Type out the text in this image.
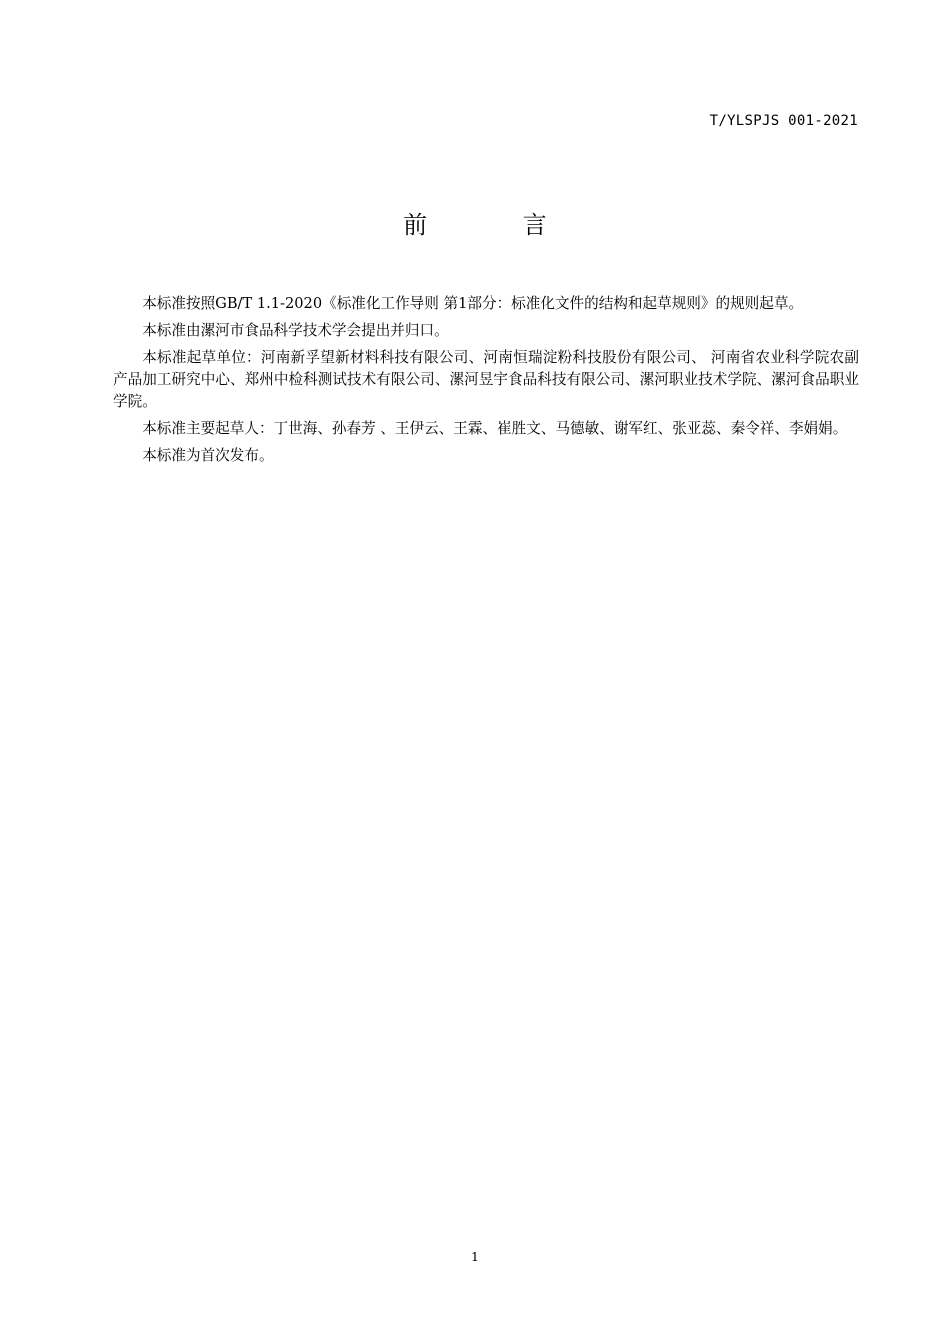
T/YLSPJS 001-2021
前 言

本标准按照GB/T 1.1-2020《标准化工作导则 第1部分：标准化文件的结构和起草规则》的规则起草。

本标准由漯河市食品科学技术学会提出并归口。

本标准起草单位：河南新孚望新材料科技有限公司、河南恒瑞淀粉科技股份有限公司、 河南省农业科学院农副产品加工研究中心、郑州中检科测试技术有限公司、漯河昱宇食品科技有限公司、漯河职业技术学院、漯河食品职业学院。

本标准主要起草人：丁世海、孙春芳 、王伊云、王霖、崔胜文、马德敏、谢军红、张亚蕊、秦令祥、李娟娟。

本标准为首次发布。

1
